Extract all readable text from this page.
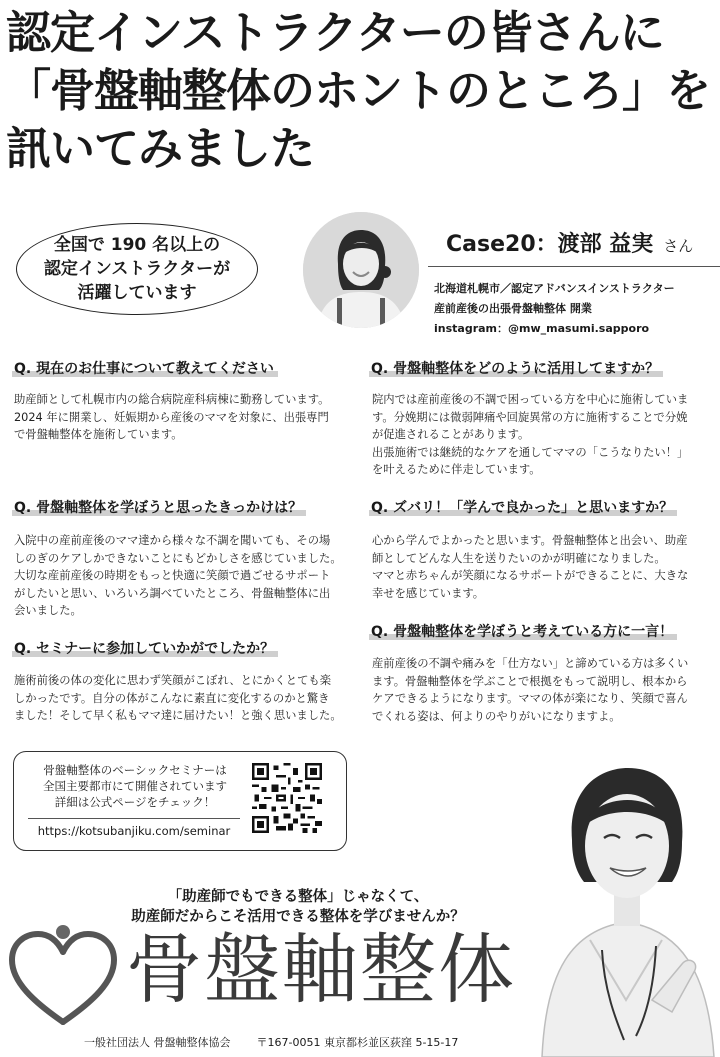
認定インストラクターの皆さんに
「骨盤軸整体のホントのところ」を
訊いてみました
全国で 190 名以上の
認定インストラクターが
活躍しています
Case20：渡部 益実 さん
北海道札幌市／認定アドバンスインストラクター
産前産後の出張骨盤軸整体 開業
instagram：@mw_masumi.sapporo
Q. 現在のお仕事について教えてください
助産師として札幌市内の総合病院産科病棟に勤務しています。
2024 年に開業し、妊娠期から産後のママを対象に、出張専門
で骨盤軸整体を施術しています。
Q. 骨盤軸整体を学ぼうと思ったきっかけは？
入院中の産前産後のママ達から様々な不調を聞いても、その場
しのぎのケアしかできないことにもどかしさを感じていました。
大切な産前産後の時期をもっと快適に笑顔で過ごせるサポート
がしたいと思い、いろいろ調べていたところ、骨盤軸整体に出
会いました。
Q. セミナーに参加していかがでしたか？
施術前後の体の変化に思わず笑顔がこぼれ、とにかくとても楽
しかったです。自分の体がこんなに素直に変化するのかと驚き
ました！そして早く私もママ達に届けたい！と強く思いました。
Q. 骨盤軸整体をどのように活用してますか？
院内では産前産後の不調で困っている方を中心に施術していま
す。分娩期には微弱陣痛や回旋異常の方に施術することで分娩
が促進されることがあります。
出張施術では継続的なケアを通してママの「こうなりたい！」
を叶えるために伴走しています。
Q. ズバリ！「学んで良かった」と思いますか？
心から学んでよかったと思います。骨盤軸整体と出会い、助産
師としてどんな人生を送りたいのかが明確になりました。
ママと赤ちゃんが笑顔になるサポートができることに、大きな
幸せを感じています。
Q. 骨盤軸整体を学ぼうと考えている方に一言！
産前産後の不調や痛みを「仕方ない」と諦めている方は多くい
ます。骨盤軸整体を学ぶことで根拠をもって説明し、根本から
ケアできるようになります。ママの体が楽になり、笑顔で喜ん
でくれる姿は、何よりのやりがいになりますよ。
骨盤軸整体のベーシックセミナーは
全国主要都市にて開催されています
詳細は公式ページをチェック！
https://kotsubanjiku.com/seminar
「助産師でもできる整体」じゃなくて、
助産師だからこそ活用できる整体を学びませんか？
骨盤軸整体
一般社団法人 骨盤軸整体協会 〒167-0051 東京都杉並区荻窪 5-15-17
